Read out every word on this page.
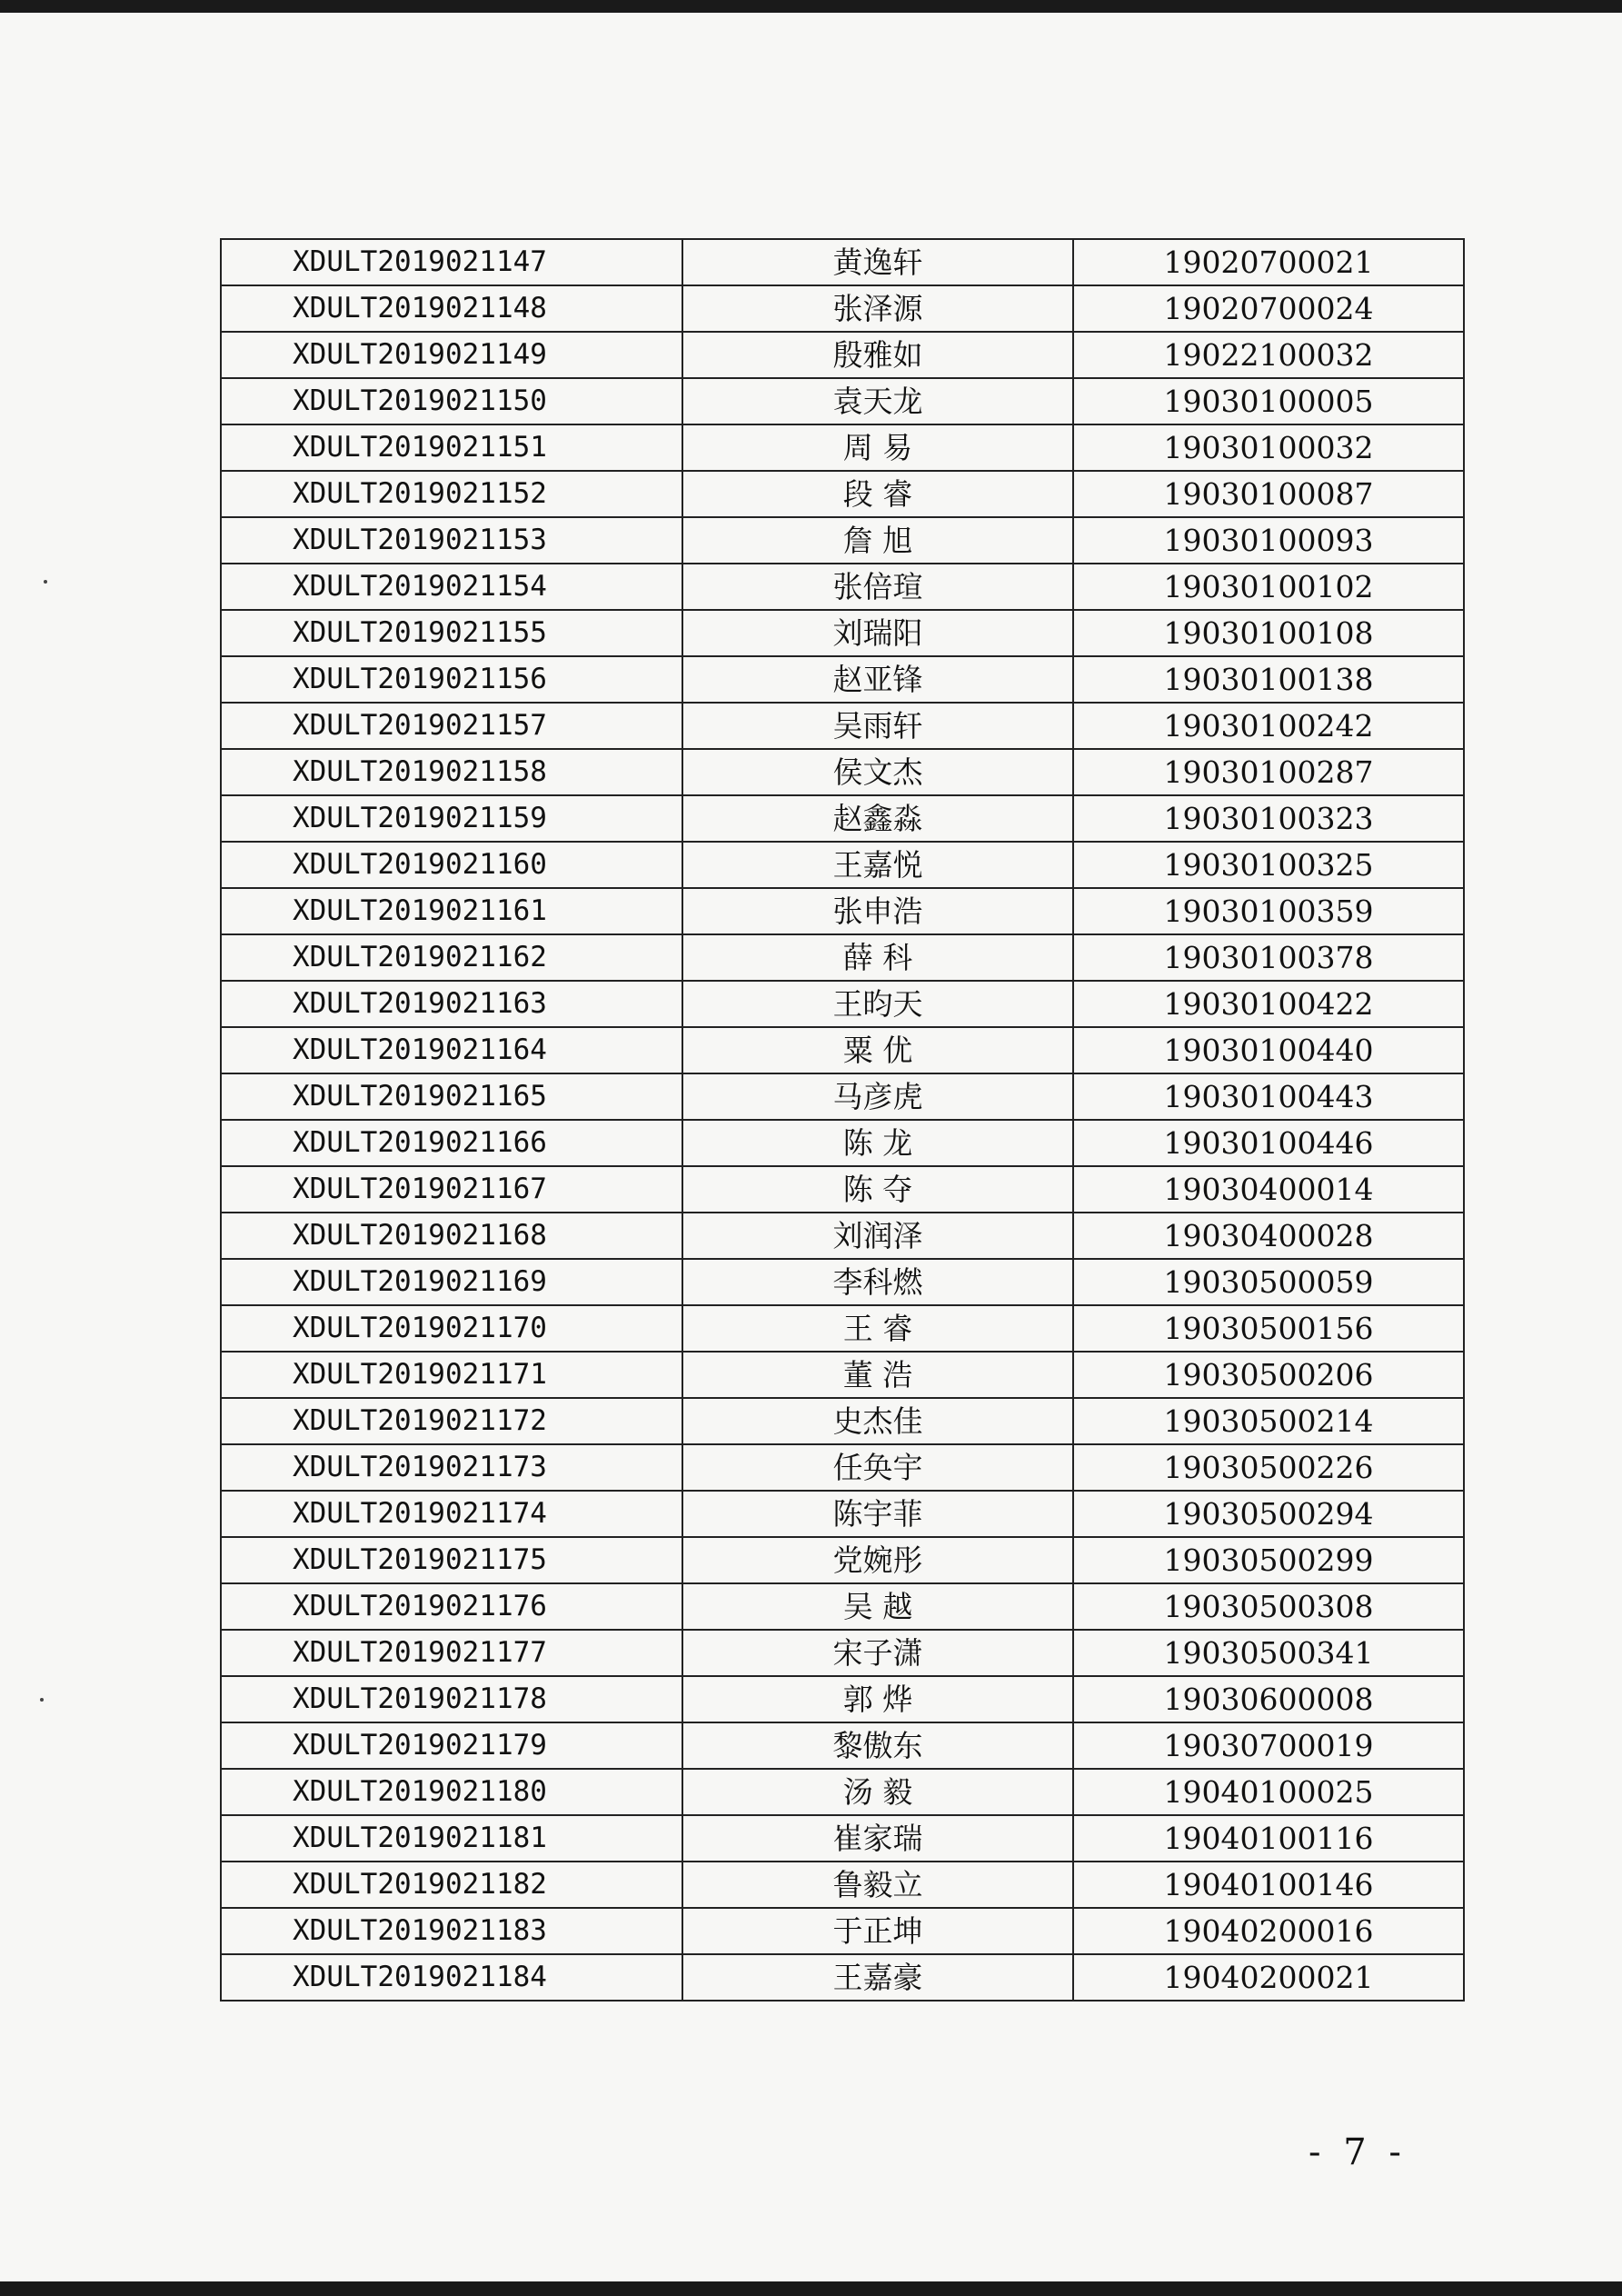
XDULT2019021147	黄逸轩	19020700021
XDULT2019021148	张泽源	19020700024
XDULT2019021149	殷雅如	19022100032
XDULT2019021150	袁天龙	19030100005
XDULT2019021151	周 易	19030100032
XDULT2019021152	段 睿	19030100087
XDULT2019021153	詹 旭	19030100093
XDULT2019021154	张倍瑄	19030100102
XDULT2019021155	刘瑞阳	19030100108
XDULT2019021156	赵亚锋	19030100138
XDULT2019021157	吴雨轩	19030100242
XDULT2019021158	侯文杰	19030100287
XDULT2019021159	赵鑫淼	19030100323
XDULT2019021160	王嘉悦	19030100325
XDULT2019021161	张申浩	19030100359
XDULT2019021162	薛 科	19030100378
XDULT2019021163	王昀天	19030100422
XDULT2019021164	粟 优	19030100440
XDULT2019021165	马彦虎	19030100443
XDULT2019021166	陈 龙	19030100446
XDULT2019021167	陈 夺	19030400014
XDULT2019021168	刘润泽	19030400028
XDULT2019021169	李科燃	19030500059
XDULT2019021170	王 睿	19030500156
XDULT2019021171	董 浩	19030500206
XDULT2019021172	史杰佳	19030500214
XDULT2019021173	任奂宇	19030500226
XDULT2019021174	陈宇菲	19030500294
XDULT2019021175	党婉彤	19030500299
XDULT2019021176	吴 越	19030500308
XDULT2019021177	宋子潇	19030500341
XDULT2019021178	郭 烨	19030600008
XDULT2019021179	黎傲东	19030700019
XDULT2019021180	汤 毅	19040100025
XDULT2019021181	崔家瑞	19040100116
XDULT2019021182	鲁毅立	19040100146
XDULT2019021183	于正坤	19040200016
XDULT2019021184	王嘉豪	19040200021
- 7 -
